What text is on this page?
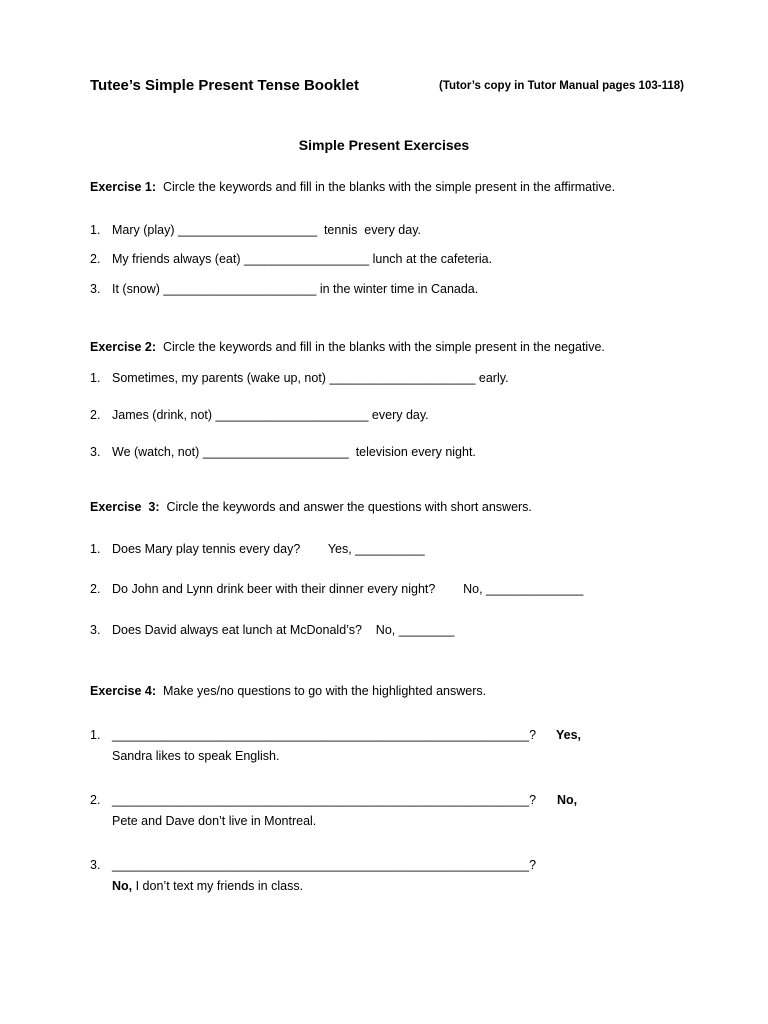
Tutee’s Simple Present Tense Booklet	(Tutor’s copy in Tutor Manual pages 103-118)
Simple Present Exercises
Exercise 1: Circle the keywords and fill in the blanks with the simple present in the affirmative.
1. Mary (play) ____________________  tennis  every day.
2. My friends always (eat) __________________ lunch at the cafeteria.
3. It (snow) ______________________ in the winter time in Canada.
Exercise 2: Circle the keywords and fill in the blanks with the simple present in the negative.
1. Sometimes, my parents (wake up, not) _____________________ early.
2. James (drink, not) ______________________ every day.
3. We (watch, not) _____________________  television every night.
Exercise  3: Circle the keywords and answer the questions with short answers.
1. Does Mary play tennis every day?        Yes, __________
2. Do John and Lynn drink beer with their dinner every night?        No, ______________
3. Does David always eat lunch at McDonald’s?    No, ________
Exercise 4: Make yes/no questions to go with the highlighted answers.
1. ____________________________________________________________? Yes,
Sandra likes to speak English.
2. ____________________________________________________________? No,
Pete and Dave don’t live in Montreal.
3. ____________________________________________________________?
No, I don’t text my friends in class.
